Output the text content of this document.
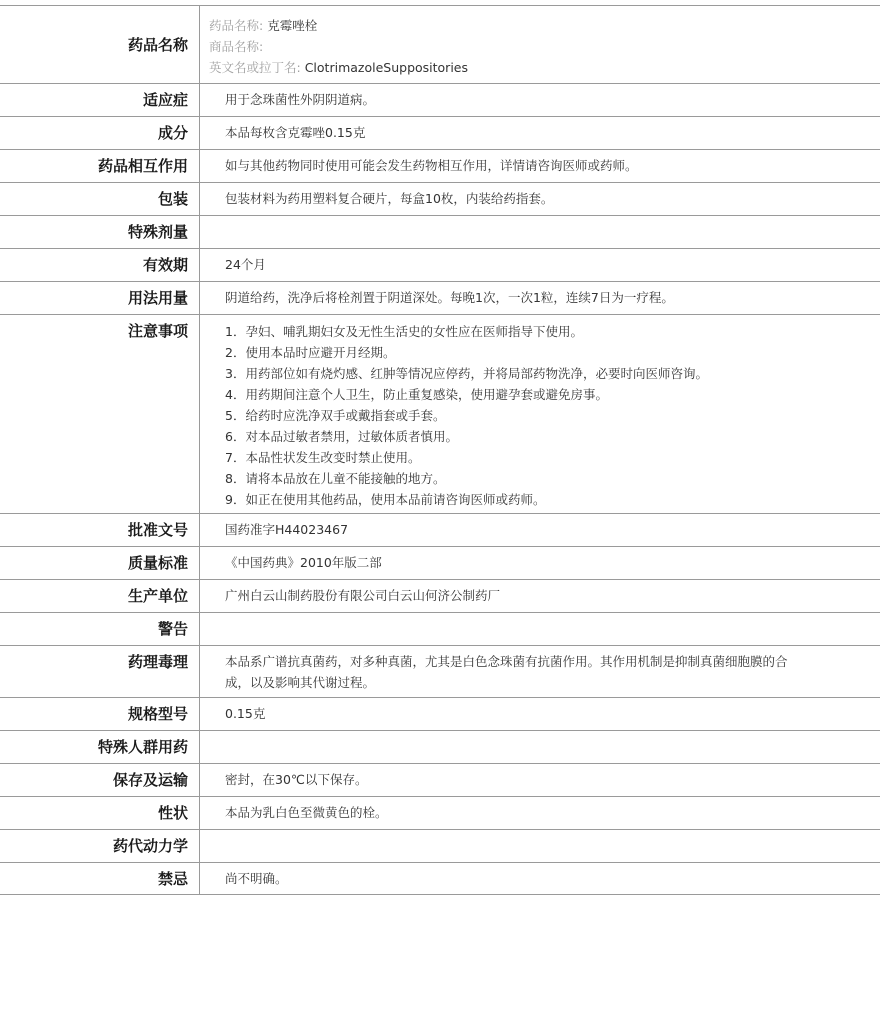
药品名称
药品名称: 克霉唑栓
商品名称:
英文名或拉丁名: ClotrimazoleSuppositories
适应症	用于念珠菌性外阴阴道病。
成分	本品每枚含克霉唑0.15克
药品相互作用	如与其他药物同时使用可能会发生药物相互作用，详情请咨询医师或药师。
包装	包装材料为药用塑料复合硬片，每盒10枚，内装给药指套。
特殊剂量
有效期	24个月
用法用量	阴道给药，洗净后将栓剂置于阴道深处。每晚1次，一次1粒，连续7日为一疗程。
注意事项	1．孕妇、哺乳期妇女及无性生活史的女性应在医师指导下使用。
2．使用本品时应避开月经期。
3．用药部位如有烧灼感、红肿等情况应停药，并将局部药物洗净，必要时向医师咨询。
4．用药期间注意个人卫生，防止重复感染，使用避孕套或避免房事。
5．给药时应洗净双手或戴指套或手套。
6．对本品过敏者禁用，过敏体质者慎用。
7．本品性状发生改变时禁止使用。
8．请将本品放在儿童不能接触的地方。
9．如正在使用其他药品，使用本品前请咨询医师或药师。
批准文号	国药准字H44023467
质量标准	《中国药典》2010年版二部
生产单位	广州白云山制药股份有限公司白云山何济公制药厂
警告
药理毒理	本品系广谱抗真菌药，对多种真菌，尤其是白色念珠菌有抗菌作用。其作用机制是抑制真菌细胞膜的合成，以及影响其代谢过程。
规格型号	0.15克
特殊人群用药
保存及运输	密封，在30℃以下保存。
性状	本品为乳白色至微黄色的栓。
药代动力学
禁忌	尚不明确。
